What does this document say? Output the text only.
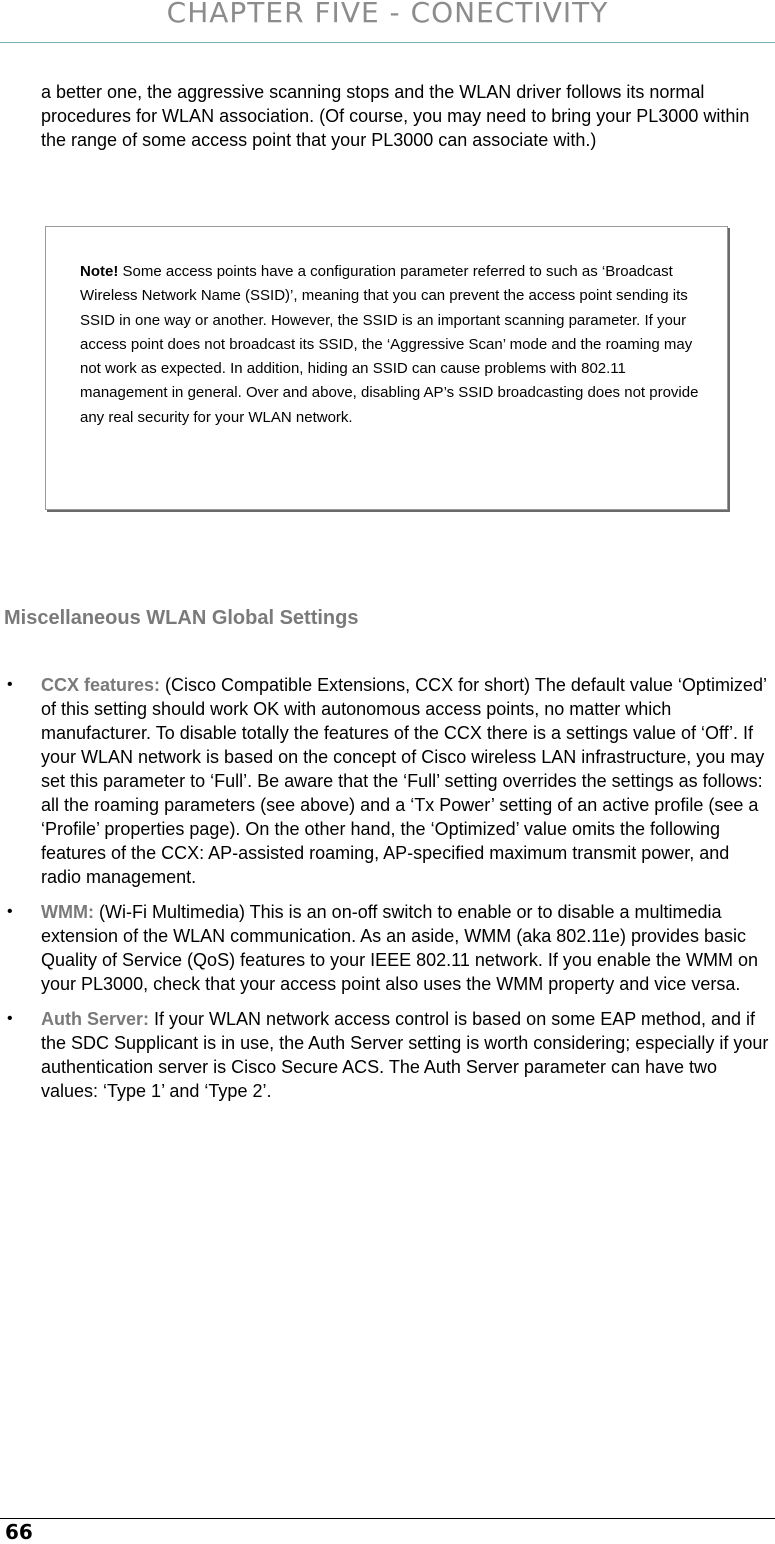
CHAPTER FIVE - CONECTIVITY

a better one, the aggressive scanning stops and the WLAN driver follows its normal procedures for WLAN association. (Of course, you may need to bring your PL3000 within the range of some access point that your PL3000 can associate with.)

Note! Some access points have a configuration parameter referred to such as ‘Broadcast Wireless Network Name (SSID)’, meaning that you can prevent the access point sending its SSID in one way or another. However, the SSID is an important scanning parameter. If your access point does not broadcast its SSID, the ‘Aggressive Scan’ mode and the roaming may not work as expected. In addition, hiding an SSID can cause problems with 802.11 management in general. Over and above, disabling AP’s SSID broadcasting does not provide any real security for your WLAN network.

Miscellaneous WLAN Global Settings
• CCX features: (Cisco Compatible Extensions, CCX for short) The default value ‘Optimized’ of this setting should work OK with autonomous access points, no matter which manufacturer. To disable totally the features of the CCX there is a settings value of ‘Off’. If your WLAN network is based on the concept of Cisco wireless LAN infrastructure, you may set this parameter to ‘Full’. Be aware that the ‘Full’ setting overrides the settings as follows: all the roaming parameters (see above) and a ‘Tx Power’ setting of an active profile (see a ‘Profile’ properties page). On the other hand, the ‘Optimized’ value omits the following features of the CCX: AP-assisted roaming, AP-specified maximum transmit power, and radio management.
• WMM: (Wi-Fi Multimedia) This is an on-off switch to enable or to disable a multimedia extension of the WLAN communication. As an aside, WMM (aka 802.11e) provides basic Quality of Service (QoS) features to your IEEE 802.11 network. If you enable the WMM on your PL3000, check that your access point also uses the WMM property and vice versa.
• Auth Server: If your WLAN network access control is based on some EAP method, and if the SDC Supplicant is in use, the Auth Server setting is worth considering; especially if your authentication server is Cisco Secure ACS. The Auth Server parameter can have two values: ‘Type 1’ and ‘Type 2’.
66
